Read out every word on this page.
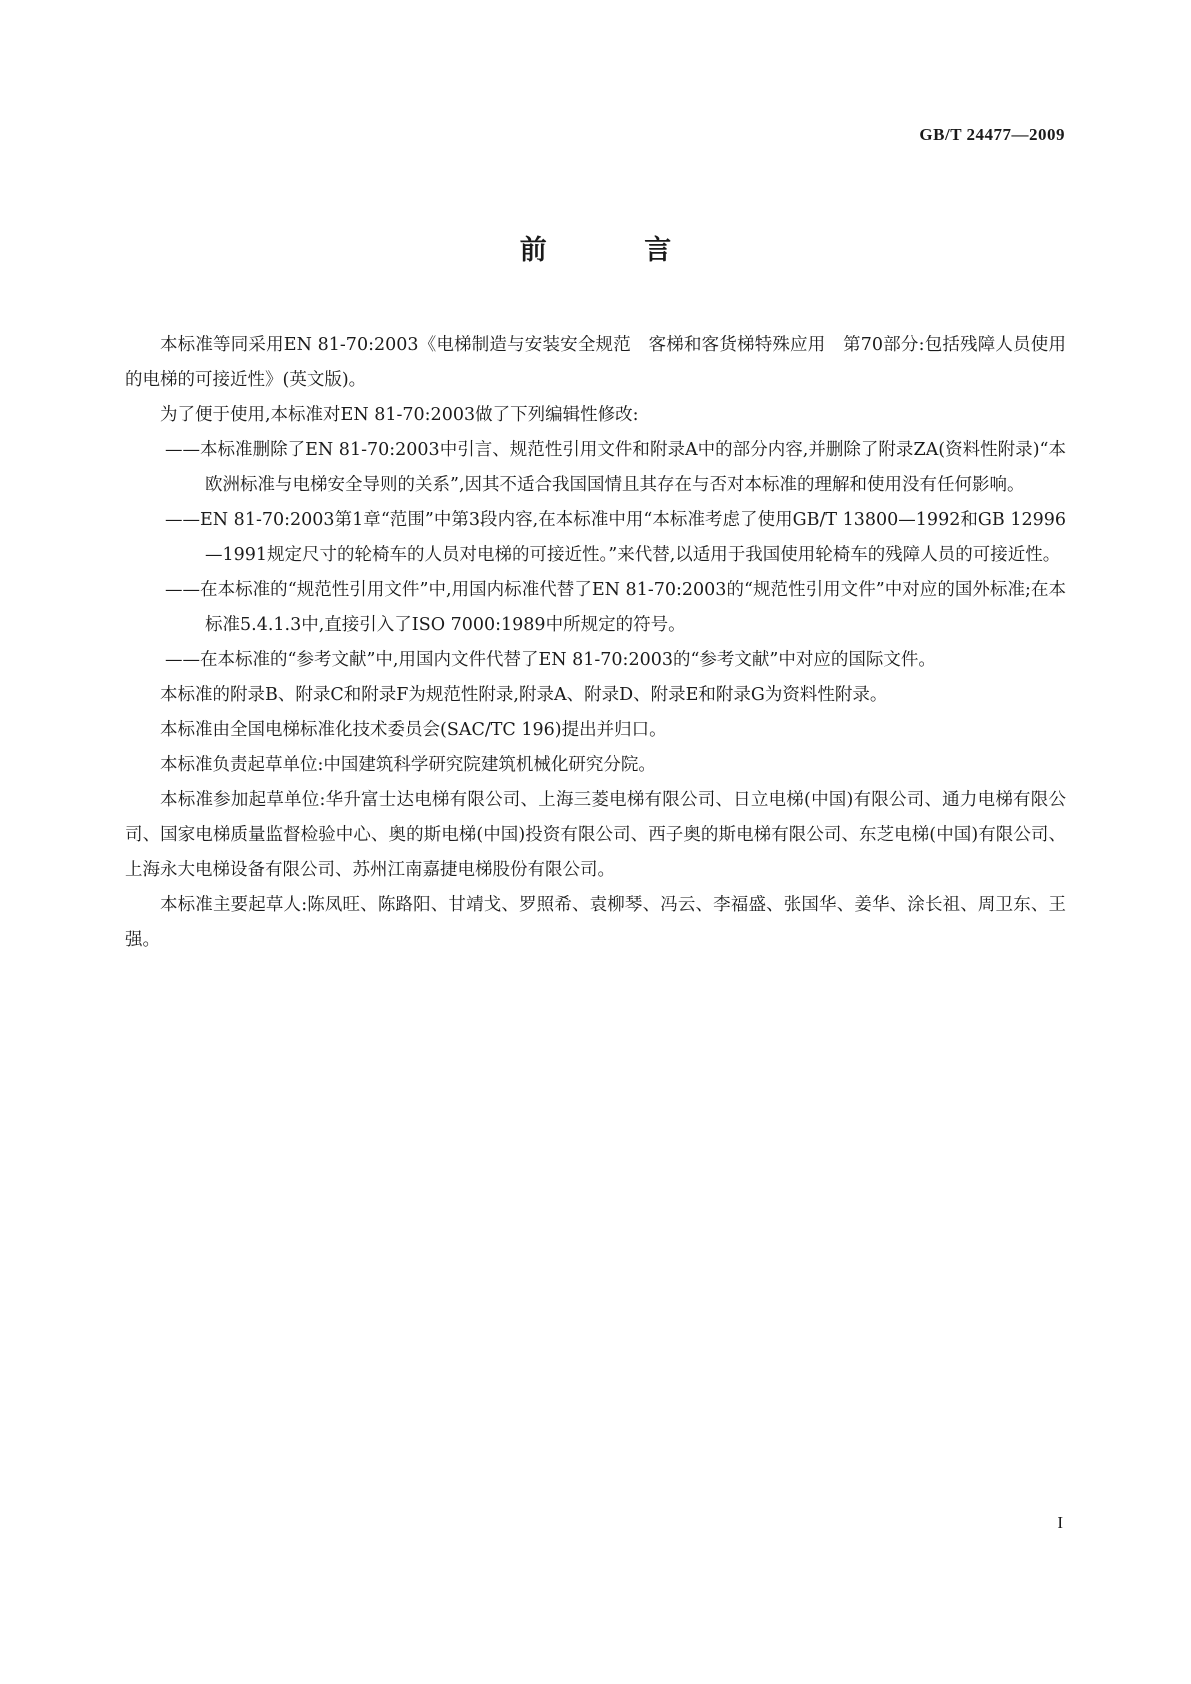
GB/T 24477—2009
前 言

本标准等同采用EN 81-70:2003《电梯制造与安装安全规范　客梯和客货梯特殊应用　第70部分:包括残障人员使用的电梯的可接近性》(英文版)。

为了便于使用,本标准对EN 81-70:2003做了下列编辑性修改:

——本标准删除了EN 81-70:2003中引言、规范性引用文件和附录A中的部分内容,并删除了附录ZA(资料性附录)“本欧洲标准与电梯安全导则的关系”,因其不适合我国国情且其存在与否对本标准的理解和使用没有任何影响。

——EN 81-70:2003第1章“范围”中第3段内容,在本标准中用“本标准考虑了使用GB/T 13800—1992和GB 12996—1991规定尺寸的轮椅车的人员对电梯的可接近性。”来代替,以适用于我国使用轮椅车的残障人员的可接近性。

——在本标准的“规范性引用文件”中,用国内标准代替了EN 81-70:2003的“规范性引用文件”中对应的国外标准;在本标准5.4.1.3中,直接引入了ISO 7000:1989中所规定的符号。

——在本标准的“参考文献”中,用国内文件代替了EN 81-70:2003的“参考文献”中对应的国际文件。

本标准的附录B、附录C和附录F为规范性附录,附录A、附录D、附录E和附录G为资料性附录。

本标准由全国电梯标准化技术委员会(SAC/TC 196)提出并归口。

本标准负责起草单位:中国建筑科学研究院建筑机械化研究分院。

本标准参加起草单位:华升富士达电梯有限公司、上海三菱电梯有限公司、日立电梯(中国)有限公司、通力电梯有限公司、国家电梯质量监督检验中心、奥的斯电梯(中国)投资有限公司、西子奥的斯电梯有限公司、东芝电梯(中国)有限公司、上海永大电梯设备有限公司、苏州江南嘉捷电梯股份有限公司。

本标准主要起草人:陈凤旺、陈路阳、甘靖戈、罗照希、袁柳琴、冯云、李福盛、张国华、姜华、涂长祖、周卫东、王强。

I
